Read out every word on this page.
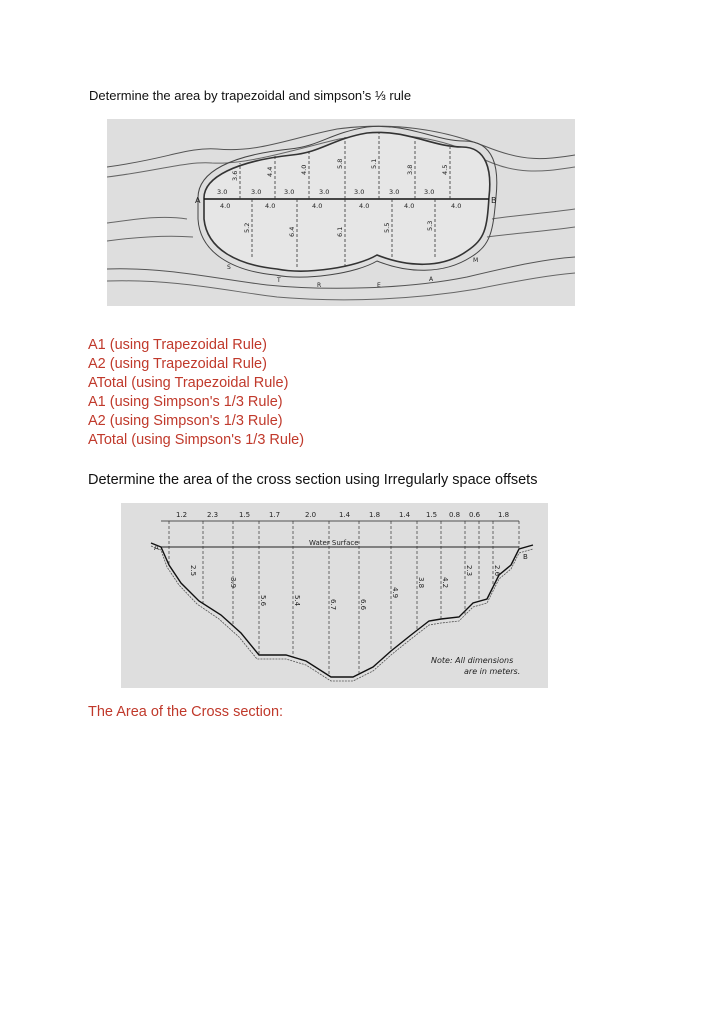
Determine the area by trapezoidal and simpson’s ⅓ rule
A	B
3.6	4.4	4.0
5.8	5.1
3.8	4.5
5.2	6.4	6.1	5.5	5.3
3.0	3.0	3.0	3.0	3.0	3.0	3.0
4.0	4.0	4.0	4.0	4.0	4.0
S
T
R	E
A
M
A1 (using Trapezoidal Rule)
A2 (using Trapezoidal Rule)
ATotal (using Trapezoidal Rule)
A1 (using Simpson's 1/3 Rule)
A2 (using Simpson's 1/3 Rule)
ATotal (using Simpson's 1/3 Rule)
Determine the area of the cross section using Irregularly space offsets
A
B
Water Surface
1.2	2.3	1.5	1.7	2.0	1.4	1.8	1.4 1.5 0.8 0.6	1.8
2.5
3.9
5.6	5.4	6.7	6.6
4.9
3.8 4.2
2.3	2.6
Note: All dimensions
are in meters.
The Area of the Cross section:
